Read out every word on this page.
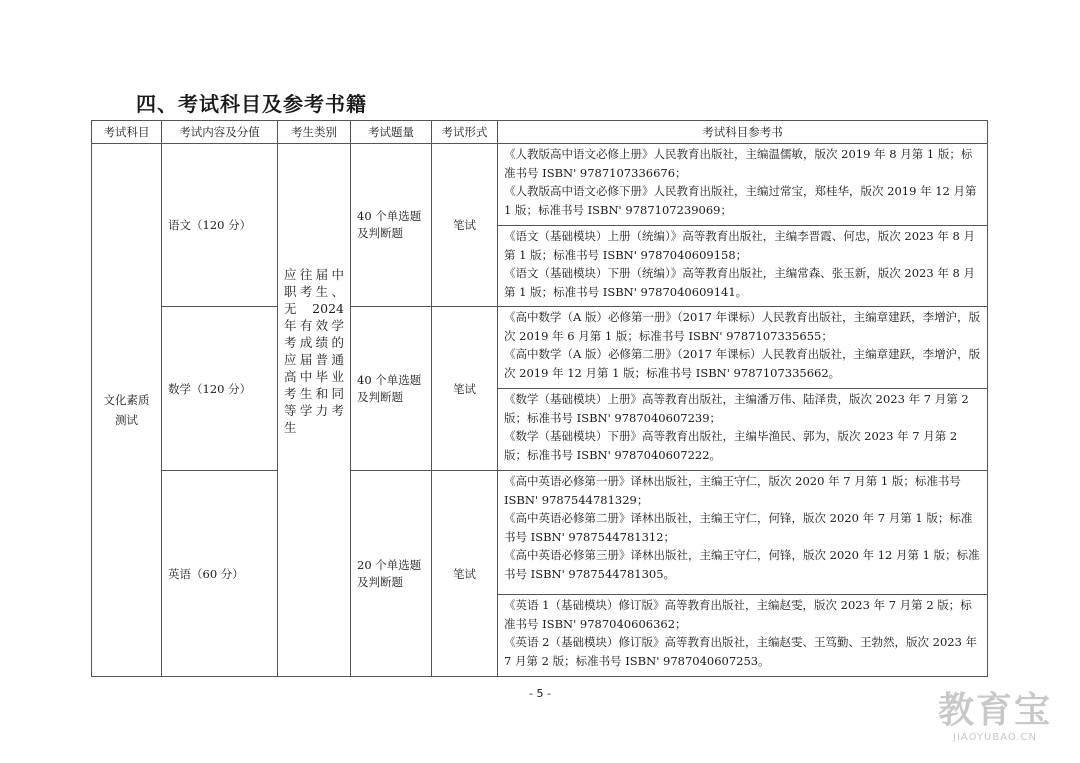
四、考试科目及参考书籍
考试科目	考试内容及分值	考生类别	考试题量	考试形式	考试科目参考书
文化素质测试	语文（120 分）	应往届中职考生、无 2024 年有效学考成绩的应届普通高中毕业考生和同等学力考生	40 个单选题及判断题	笔试	《人教版高中语文必修上册》人民教育出版社，主编温儒敏，版次 2019 年 8 月第 1 版；标准书号 ISBN' 9787107336676；

《人教版高中语文必修下册》人民教育出版社，主编过常宝，郑桂华，版次 2019 年 12 月第 1 版；标准书号 ISBN' 9787107239069；

					《语文（基础模块）上册（统编）》高等教育出版社，主编李晋霞、何忠，版次 2023 年 8 月第 1 版；标准书号 ISBN' 9787040609158；

《语文（基础模块）下册（统编）》高等教育出版社，主编常森、张玉新，版次 2023 年 8 月第 1 版；标准书号 ISBN' 9787040609141。

	数学（120 分）		40 个单选题及判断题	笔试	《高中数学（A 版）必修第一册》（2017 年课标）人民教育出版社，主编章建跃，李增沪，版次 2019 年 6 月第 1 版；标准书号 ISBN' 9787107335655；

《高中数学（A 版）必修第二册》（2017 年课标）人民教育出版社，主编章建跃，李增沪，版次 2019 年 12 月第 1 版；标准书号 ISBN' 9787107335662。

					《数学（基础模块）上册》高等教育出版社，主编潘万伟、陆泽贵，版次 2023 年 7 月第 2 版；标准书号 ISBN' 9787040607239；

《数学（基础模块）下册》高等教育出版社，主编毕渔民、郭为，版次 2023 年 7 月第 2 版；标准书号 ISBN' 9787040607222。

	英语（60 分）		20 个单选题及判断题	笔试	《高中英语必修第一册》译林出版社，主编王守仁，版次 2020 年 7 月第 1 版；标准书号 ISBN' 9787544781329；

《高中英语必修第二册》译林出版社，主编王守仁，何锋，版次 2020 年 7 月第 1 版；标准书号 ISBN' 9787544781312；

《高中英语必修第三册》译林出版社，主编王守仁，何锋，版次 2020 年 12 月第 1 版；标准书号 ISBN' 9787544781305。

					《英语 1（基础模块）修订版》高等教育出版社，主编赵雯，版次 2023 年 7 月第 2 版；标准书号 ISBN' 9787040606362；

《英语 2（基础模块）修订版》高等教育出版社，主编赵雯、王笃勤、王勃然，版次 2023 年 7 月第 2 版；标准书号 ISBN' 9787040607253。

- 5 -	教育宝
JIAOYUBAO.CN
